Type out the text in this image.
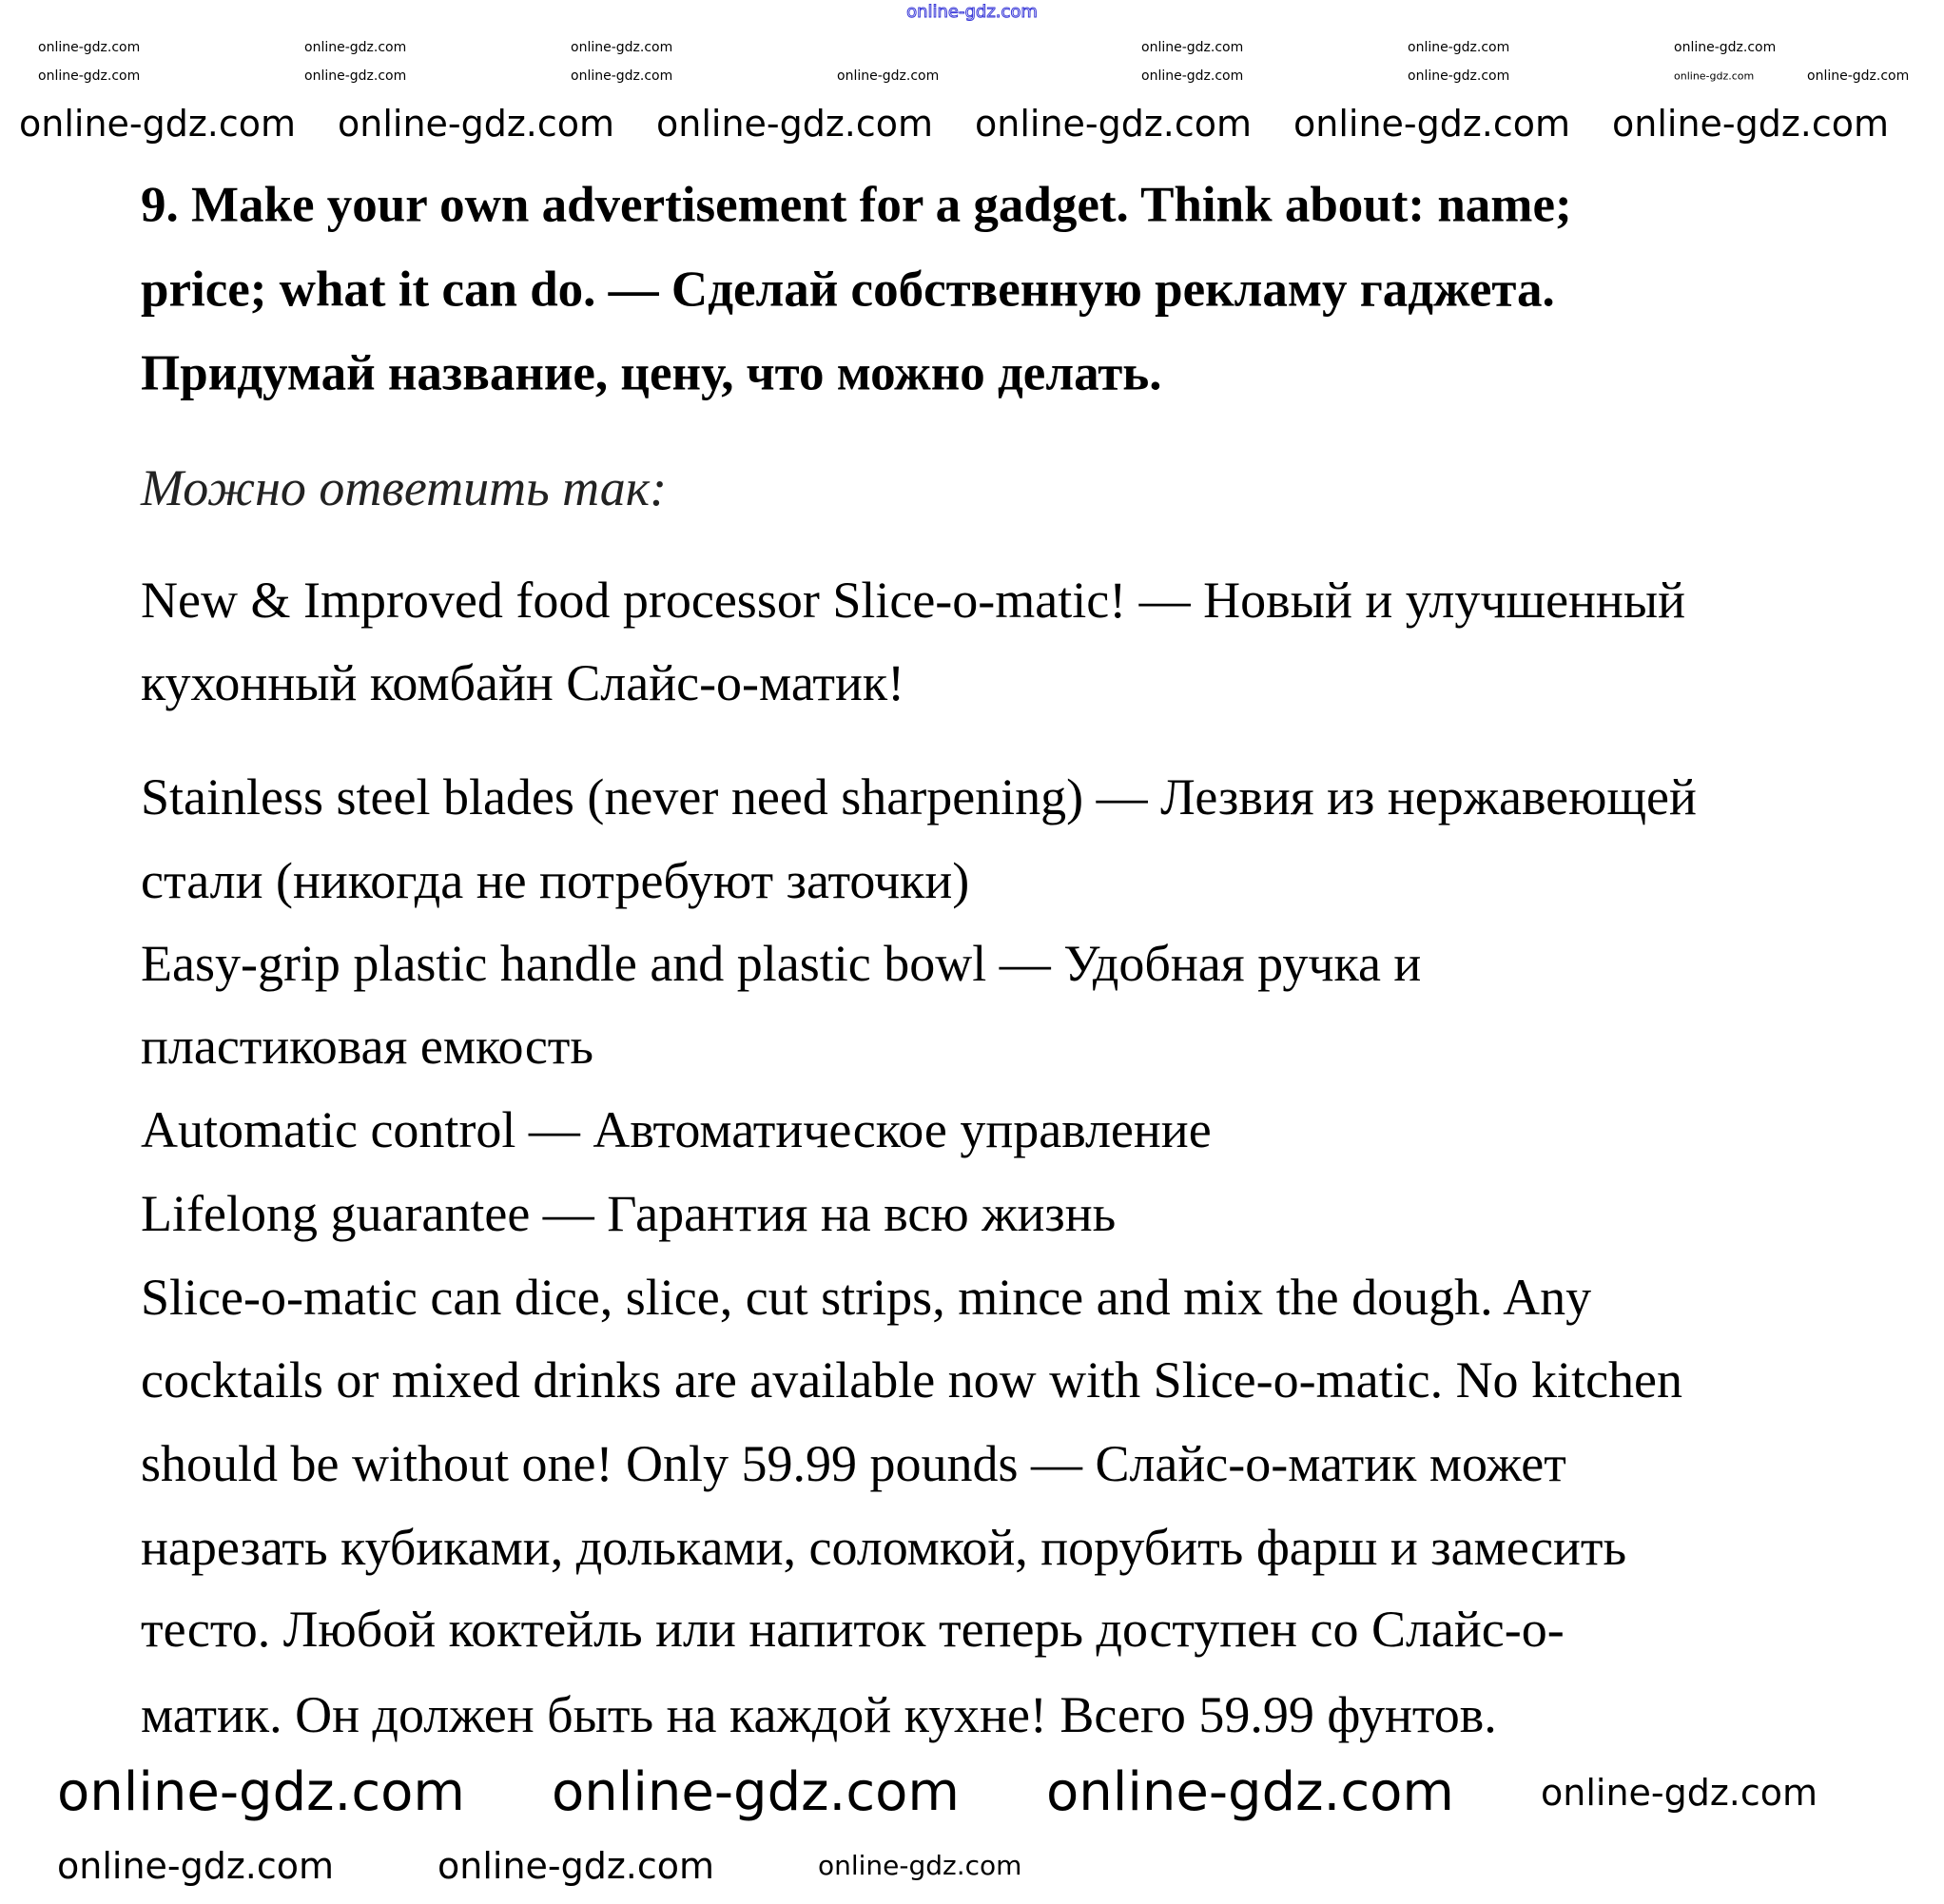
online-gdz.com
9. Make your own advertisement for a gadget. Think about: name;
price; what it can do. — Сделай собственную рекламу гаджета.
Придумай название, цену, что можно делать.
Можно ответить так:
New & Improved food processor Slice-o-matic! — Новый и улучшенный
кухонный комбайн Слайс-о-матик!
Stainless steel blades (never need sharpening) — Лезвия из нержавеющей
стали (никогда не потребуют заточки)
Easy-grip plastic handle and plastic bowl — Удобная ручка и
пластиковая емкость
Automatic control — Автоматическое управление
Lifelong guarantee — Гарантия на всю жизнь
Slice-o-matic can dice, slice, cut strips, mince and mix the dough. Any
cocktails or mixed drinks are available now with Slice-o-matic. No kitchen
should be without one! Only 59.99 pounds — Слайс-о-матик может
нарезать кубиками, дольками, соломкой, порубить фарш и замесить
тесто. Любой коктейль или напиток теперь доступен со Слайс-о-
матик. Он должен быть на каждой кухне! Всего 59.99 фунтов.
online-gdz.com	online-gdz.com	online-gdz.com	online-gdz.com	online-gdz.com	online-gdz.com
online-gdz.com
online-gdz.com	online-gdz.com	online-gdz.com	online-gdz.com	online-gdz.com	online-gdz.com	online-gdz.com
online-gdz.com online-gdz.com online-gdz.com online-gdz.com online-gdz.com online-gdz.com
online-gdz.com online-gdz.com online-gdz.com online-gdz.com
online-gdz.com	online-gdz.com	online-gdz.com
